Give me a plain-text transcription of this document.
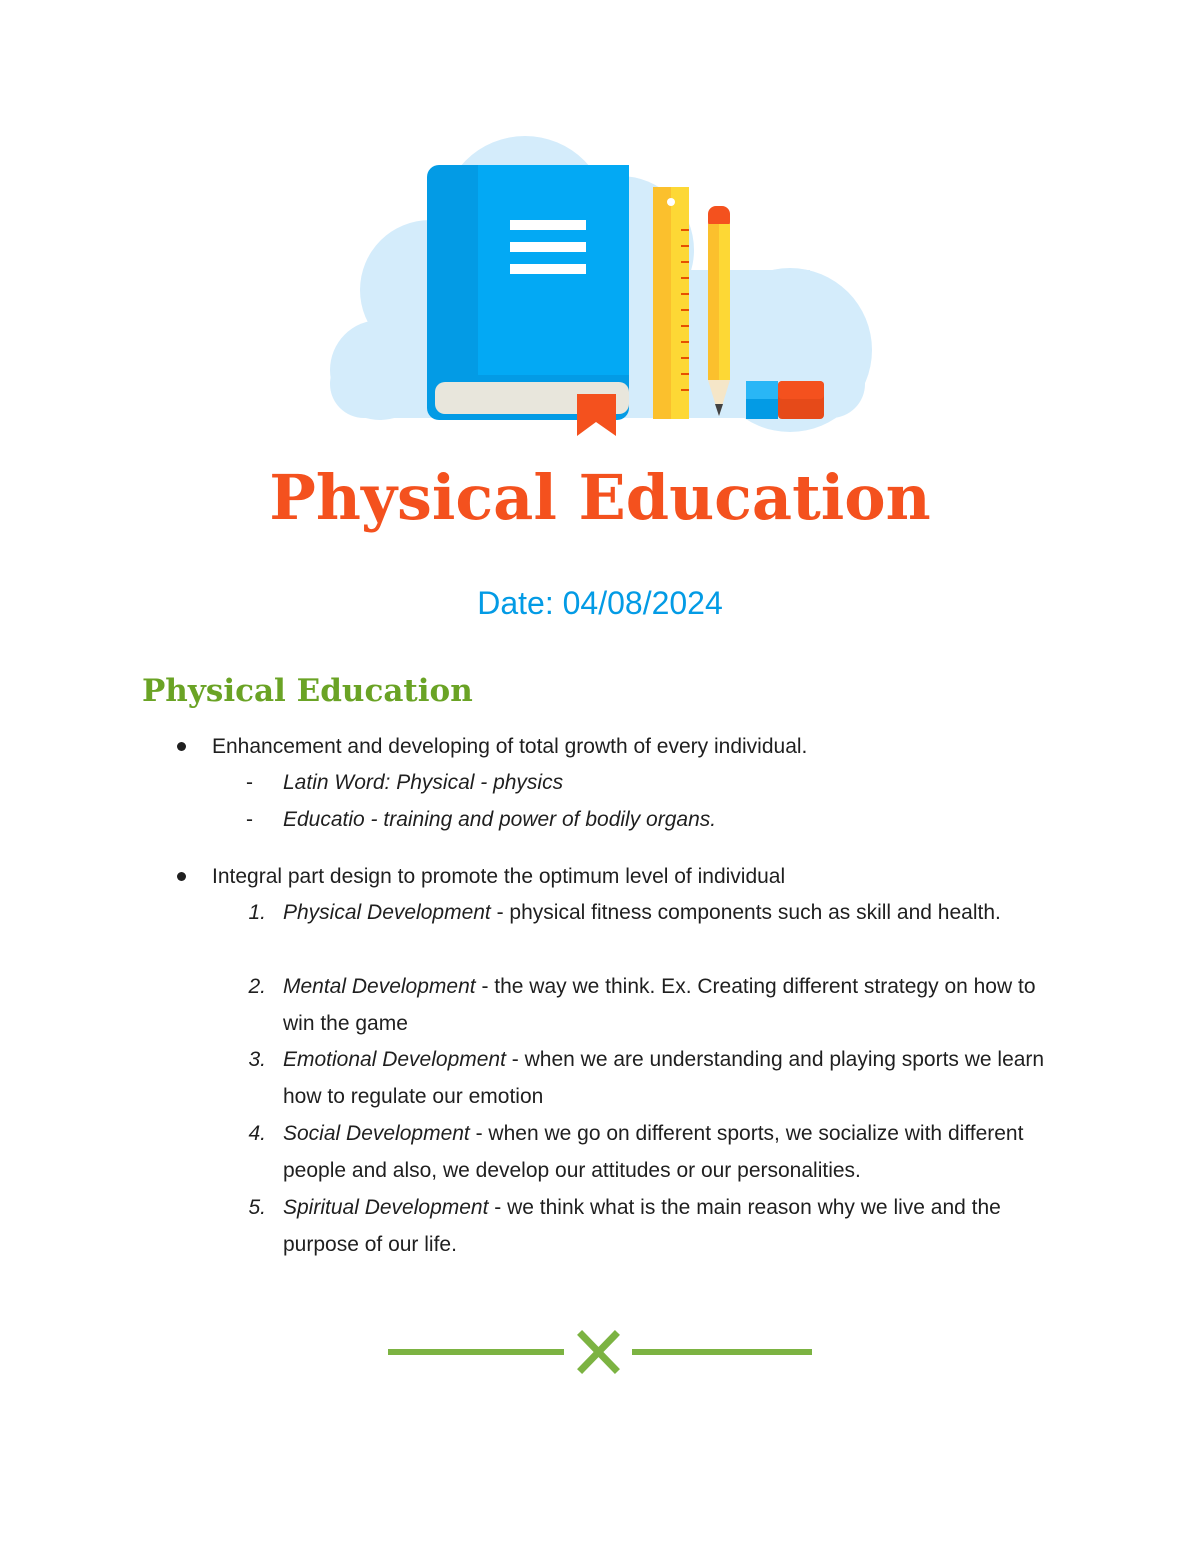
Physical Education

Date: 04/08/2024

Physical Education
Enhancement and developing of total growth of every individual.
- Latin Word: Physical - physics
- Educatio - training and power of bodily organs.
Integral part design to promote the optimum level of individual
1. Physical Development - physical fitness components such as skill and health.
2. Mental Development - the way we think. Ex. Creating different strategy on how to win the game
3. Emotional Development - when we are understanding and playing sports we learn how to regulate our emotion
4. Social Development - when we go on different sports, we socialize with different people and also, we develop our attitudes or our personalities.
5. Spiritual Development - we think what is the main reason why we live and the purpose of our life.
